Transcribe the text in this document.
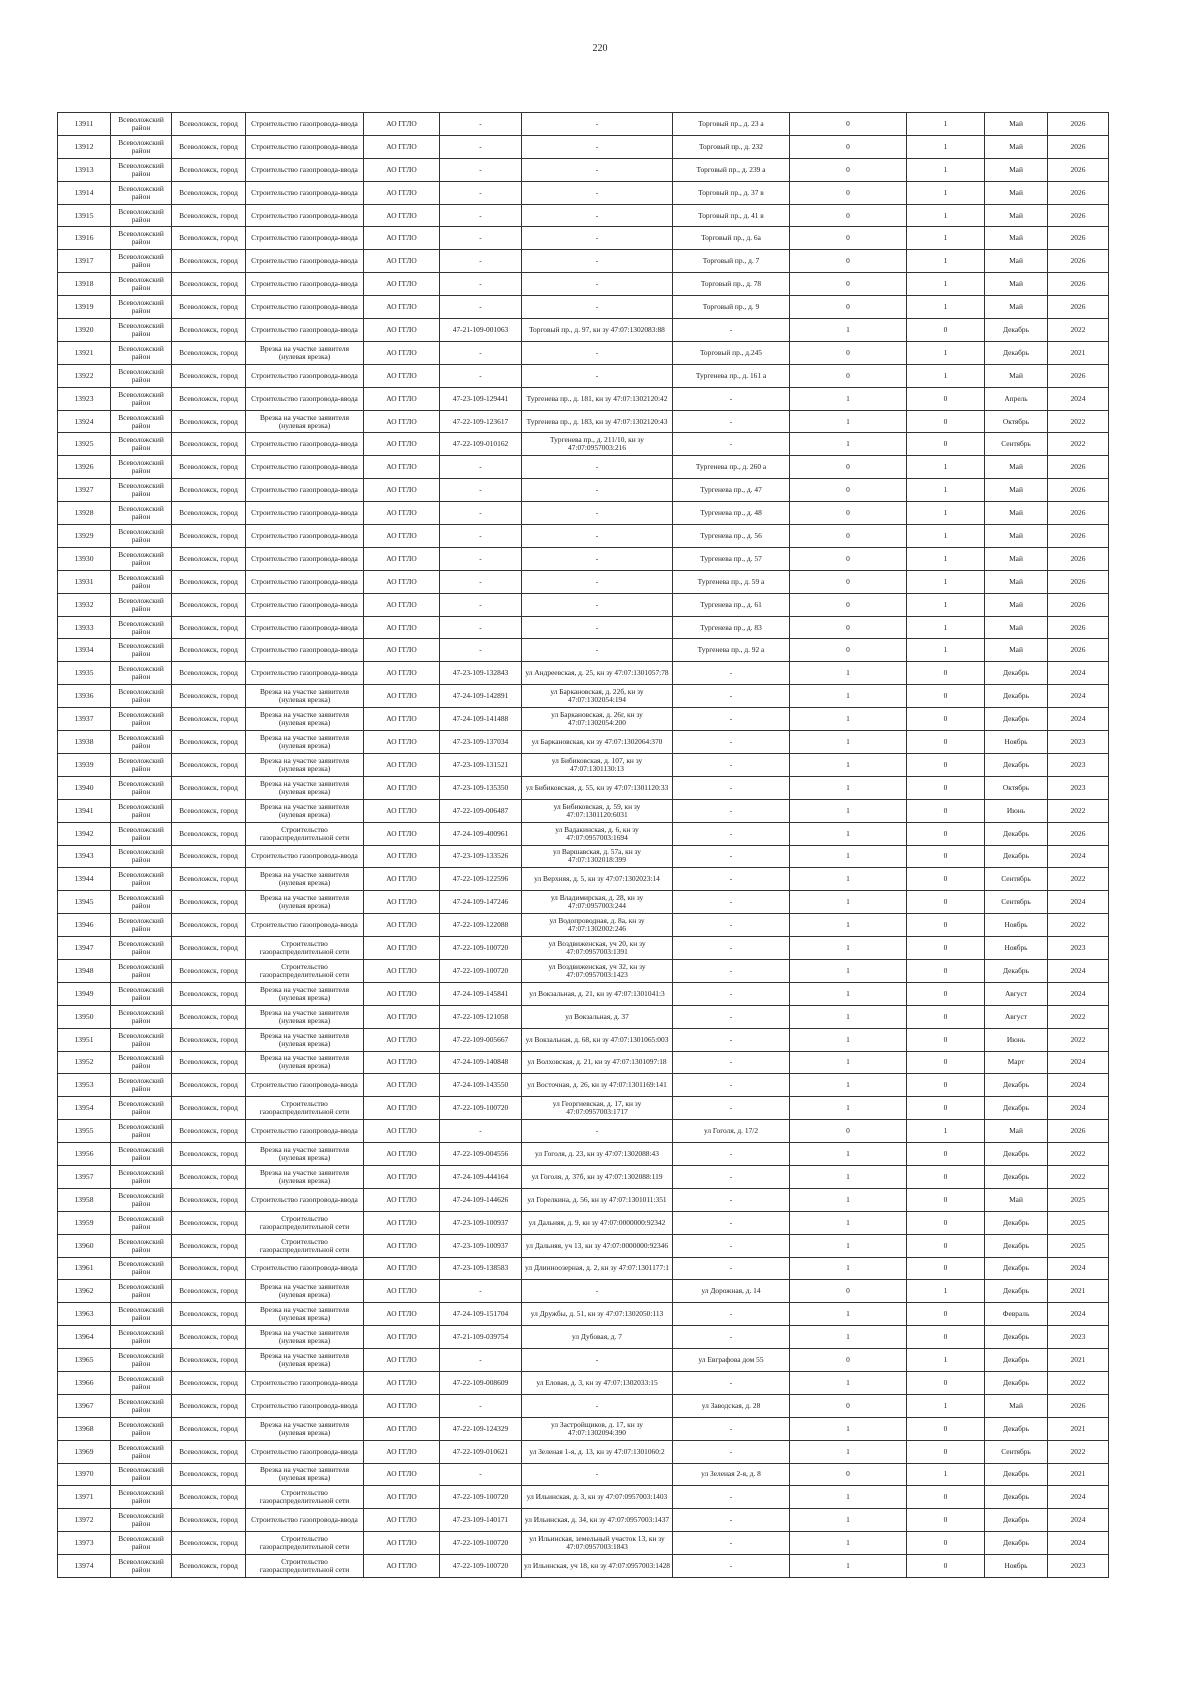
220
13911	Всеволожский район	Всеволожск, город	Строительство газопровода-ввода	АО ГГЛО	-	-	Торговый пр., д. 23 а	0	1	Май	2026
13912	Всеволожский район	Всеволожск, город	Строительство газопровода-ввода	АО ГГЛО	-	-	Торговый пр., д. 232	0	1	Май	2026
13913	Всеволожский район	Всеволожск, город	Строительство газопровода-ввода	АО ГГЛО	-	-	Торговый пр., д. 239 а	0	1	Май	2026
13914	Всеволожский район	Всеволожск, город	Строительство газопровода-ввода	АО ГГЛО	-	-	Торговый пр., д. 37 в	0	1	Май	2026
13915	Всеволожский район	Всеволожск, город	Строительство газопровода-ввода	АО ГГЛО	-	-	Торговый пр., д. 41 в	0	1	Май	2026
13916	Всеволожский район	Всеволожск, город	Строительство газопровода-ввода	АО ГГЛО	-	-	Торговый пр., д. 6а	0	1	Май	2026
13917	Всеволожский район	Всеволожск, город	Строительство газопровода-ввода	АО ГГЛО	-	-	Торговый пр., д. 7	0	1	Май	2026
13918	Всеволожский район	Всеволожск, город	Строительство газопровода-ввода	АО ГГЛО	-	-	Торговый пр., д. 78	0	1	Май	2026
13919	Всеволожский район	Всеволожск, город	Строительство газопровода-ввода	АО ГГЛО	-	-	Торговый пр., д. 9	0	1	Май	2026
13920	Всеволожский район	Всеволожск, город	Строительство газопровода-ввода	АО ГГЛО	47-21-109-001063	Торговый пр., д. 97, кн зу 47:07:1302083:88	-	1	0	Декабрь	2022
13921	Всеволожский район	Всеволожск, город	Врезка на участке заявителя (нулевая врезка)	АО ГГЛО	-	-	Торговый пр., д.245	0	1	Декабрь	2021
13922	Всеволожский район	Всеволожск, город	Строительство газопровода-ввода	АО ГГЛО	-	-	Тургенева пр., д. 161 а	0	1	Май	2026
13923	Всеволожский район	Всеволожск, город	Строительство газопровода-ввода	АО ГГЛО	47-23-109-129441	Тургенева пр., д. 181, кн зу 47:07:1302120:42	-	1	0	Апрель	2024
13924	Всеволожский район	Всеволожск, город	Врезка на участке заявителя (нулевая врезка)	АО ГГЛО	47-22-109-123617	Тургенева пр., д. 183, кн зу 47:07:1302120:43	-	1	0	Октябрь	2022
13925	Всеволожский район	Всеволожск, город	Строительство газопровода-ввода	АО ГГЛО	47-22-109-010162	Тургенева пр., д. 211/10, кн зу 47:07:0957003:216	-	1	0	Сентябрь	2022
13926	Всеволожский район	Всеволожск, город	Строительство газопровода-ввода	АО ГГЛО	-	-	Тургенева пр., д. 260 а	0	1	Май	2026
13927	Всеволожский район	Всеволожск, город	Строительство газопровода-ввода	АО ГГЛО	-	-	Тургенева пр., д. 47	0	1	Май	2026
13928	Всеволожский район	Всеволожск, город	Строительство газопровода-ввода	АО ГГЛО	-	-	Тургенева пр., д. 48	0	1	Май	2026
13929	Всеволожский район	Всеволожск, город	Строительство газопровода-ввода	АО ГГЛО	-	-	Тургенева пр., д. 56	0	1	Май	2026
13930	Всеволожский район	Всеволожск, город	Строительство газопровода-ввода	АО ГГЛО	-	-	Тургенева пр., д. 57	0	1	Май	2026
13931	Всеволожский район	Всеволожск, город	Строительство газопровода-ввода	АО ГГЛО	-	-	Тургенева пр., д. 59 а	0	1	Май	2026
13932	Всеволожский район	Всеволожск, город	Строительство газопровода-ввода	АО ГГЛО	-	-	Тургенева пр., д. 61	0	1	Май	2026
13933	Всеволожский район	Всеволожск, город	Строительство газопровода-ввода	АО ГГЛО	-	-	Тургенева пр., д. 83	0	1	Май	2026
13934	Всеволожский район	Всеволожск, город	Строительство газопровода-ввода	АО ГГЛО	-	-	Тургенева пр., д. 92 а	0	1	Май	2026
13935	Всеволожский район	Всеволожск, город	Строительство газопровода-ввода	АО ГГЛО	47-23-109-132843	ул Андреевская, д. 25, кн зу 47:07:1301057:78	-	1	0	Декабрь	2024
13936	Всеволожский район	Всеволожск, город	Врезка на участке заявителя (нулевая врезка)	АО ГГЛО	47-24-109-142891	ул Баркановская, д. 22б, кн зу 47:07:1302054:194	-	1	0	Декабрь	2024
13937	Всеволожский район	Всеволожск, город	Врезка на участке заявителя (нулевая врезка)	АО ГГЛО	47-24-109-141488	ул Баркановская, д. 26г, кн зу 47:07:1302054:200	-	1	0	Декабрь	2024
13938	Всеволожский район	Всеволожск, город	Врезка на участке заявителя (нулевая врезка)	АО ГГЛО	47-23-109-137034	ул Баркановская, кн зу 47:07:1302064:370	-	1	0	Ноябрь	2023
13939	Всеволожский район	Всеволожск, город	Врезка на участке заявителя (нулевая врезка)	АО ГГЛО	47-23-109-131521	ул Бибиковская, д. 107, кн зу 47:07:1301130:13	-	1	0	Декабрь	2023
13940	Всеволожский район	Всеволожск, город	Врезка на участке заявителя (нулевая врезка)	АО ГГЛО	47-23-109-135350	ул Бибиковская, д. 55, кн зу 47:07:1301120:33	-	1	0	Октябрь	2023
13941	Всеволожский район	Всеволожск, город	Врезка на участке заявителя (нулевая врезка)	АО ГГЛО	47-22-109-006487	ул Бибиковская, д. 59, кн зу 47:07:1301120:6031	-	1	0	Июнь	2022
13942	Всеволожский район	Всеволожск, город	Строительство газораспределительной сети	АО ГГЛО	47-24-109-400961	ул Вадакинская, д. 6, кн зу 47:07:0957003:1694	-	1	0	Декабрь	2026
13943	Всеволожский район	Всеволожск, город	Строительство газопровода-ввода	АО ГГЛО	47-23-109-133526	ул Варшавская, д. 57а, кн зу 47:07:1302018:399	-	1	0	Декабрь	2024
13944	Всеволожский район	Всеволожск, город	Врезка на участке заявителя (нулевая врезка)	АО ГГЛО	47-22-109-122596	ул Верхняя, д. 5, кн зу 47:07:1302023:14	-	1	0	Сентябрь	2022
13945	Всеволожский район	Всеволожск, город	Врезка на участке заявителя (нулевая врезка)	АО ГГЛО	47-24-109-147246	ул Владимирская, д. 28, кн зу 47:07:0957003:244	-	1	0	Сентябрь	2024
13946	Всеволожский район	Всеволожск, город	Строительство газопровода-ввода	АО ГГЛО	47-22-109-122088	ул Водопроводная, д. 8а, кн зу 47:07:1302002:246	-	1	0	Ноябрь	2022
13947	Всеволожский район	Всеволожск, город	Строительство газораспределительной сети	АО ГГЛО	47-22-109-100720	ул Воздвиженская, уч 20, кн зу 47:07:0957003:1391	-	1	0	Ноябрь	2023
13948	Всеволожский район	Всеволожск, город	Строительство газораспределительной сети	АО ГГЛО	47-22-109-100720	ул Воздвиженская, уч 32, кн зу 47:07:0957003:1423	-	1	0	Декабрь	2024
13949	Всеволожский район	Всеволожск, город	Врезка на участке заявителя (нулевая врезка)	АО ГГЛО	47-24-109-145841	ул Вокзальная, д. 21, кн зу 47:07:1301041:3	-	1	0	Август	2024
13950	Всеволожский район	Всеволожск, город	Врезка на участке заявителя (нулевая врезка)	АО ГГЛО	47-22-109-121058	ул Вокзальная, д. 37	-	1	0	Август	2022
13951	Всеволожский район	Всеволожск, город	Врезка на участке заявителя (нулевая врезка)	АО ГГЛО	47-22-109-005667	ул Вокзальная, д. 68, кн зу 47:07:1301065:003	-	1	0	Июнь	2022
13952	Всеволожский район	Всеволожск, город	Врезка на участке заявителя (нулевая врезка)	АО ГГЛО	47-24-109-140848	ул Волховская, д. 21, кн зу 47:07:1301097:18	-	1	0	Март	2024
13953	Всеволожский район	Всеволожск, город	Строительство газопровода-ввода	АО ГГЛО	47-24-109-143550	ул Восточная, д. 26, кн зу 47:07:1301169:141	-	1	0	Декабрь	2024
13954	Всеволожский район	Всеволожск, город	Строительство газораспределительной сети	АО ГГЛО	47-22-109-100720	ул Георгиевская, д. 17, кн зу 47:07:0957003:1717	-	1	0	Декабрь	2024
13955	Всеволожский район	Всеволожск, город	Строительство газопровода-ввода	АО ГГЛО	-	-	ул Гоголя, д. 17/2	0	1	Май	2026
13956	Всеволожский район	Всеволожск, город	Врезка на участке заявителя (нулевая врезка)	АО ГГЛО	47-22-109-004556	ул Гоголя, д. 23, кн зу 47:07:1302088:43	-	1	0	Декабрь	2022
13957	Всеволожский район	Всеволожск, город	Врезка на участке заявителя (нулевая врезка)	АО ГГЛО	47-24-109-444164	ул Гоголя, д. 37б, кн зу 47:07:1302088:119	-	1	0	Декабрь	2022
13958	Всеволожский район	Всеволожск, город	Строительство газопровода-ввода	АО ГГЛО	47-24-109-144626	ул Горелкина, д. 56, кн зу 47:07:1301011:351	-	1	0	Май	2025
13959	Всеволожский район	Всеволожск, город	Строительство газораспределительной сети	АО ГГЛО	47-23-109-100937	ул Дальняя, д. 9, кн зу 47:07:0000000:92342	-	1	0	Декабрь	2025
13960	Всеволожский район	Всеволожск, город	Строительство газораспределительной сети	АО ГГЛО	47-23-109-100937	ул Дальняя, уч 13, кн зу 47:07:0000000:92346	-	1	0	Декабрь	2025
13961	Всеволожский район	Всеволожск, город	Строительство газопровода-ввода	АО ГГЛО	47-23-109-138583	ул Длинноозерная, д. 2, кн зу 47:07:1301177:1	-	1	0	Декабрь	2024
13962	Всеволожский район	Всеволожск, город	Врезка на участке заявителя (нулевая врезка)	АО ГГЛО	-	-	ул Дорожная, д. 14	0	1	Декабрь	2021
13963	Всеволожский район	Всеволожск, город	Врезка на участке заявителя (нулевая врезка)	АО ГГЛО	47-24-109-151704	ул Дружбы, д. 51, кн зу 47:07:1302050:113	-	1	0	Февраль	2024
13964	Всеволожский район	Всеволожск, город	Врезка на участке заявителя (нулевая врезка)	АО ГГЛО	47-21-109-039754	ул Дубовая, д. 7	-	1	0	Декабрь	2023
13965	Всеволожский район	Всеволожск, город	Врезка на участке заявителя (нулевая врезка)	АО ГГЛО	-	-	ул Евграфова дом 55	0	1	Декабрь	2021
13966	Всеволожский район	Всеволожск, город	Строительство газопровода-ввода	АО ГГЛО	47-22-109-008609	ул Еловая, д. 3, кн зу 47:07:1302033:15	-	1	0	Декабрь	2022
13967	Всеволожский район	Всеволожск, город	Строительство газопровода-ввода	АО ГГЛО	-	-	ул Заводская, д. 28	0	1	Май	2026
13968	Всеволожский район	Всеволожск, город	Врезка на участке заявителя (нулевая врезка)	АО ГГЛО	47-22-109-124329	ул Застройщиков, д. 17, кн зу 47:07:1302094:390	-	1	0	Декабрь	2021
13969	Всеволожский район	Всеволожск, город	Строительство газопровода-ввода	АО ГГЛО	47-22-109-010621	ул Зеленая 1-я, д. 13, кн зу 47:07:1301060:2	-	1	0	Сентябрь	2022
13970	Всеволожский район	Всеволожск, город	Врезка на участке заявителя (нулевая врезка)	АО ГГЛО	-	-	ул Зеленая 2-я, д. 8	0	1	Декабрь	2021
13971	Всеволожский район	Всеволожск, город	Строительство газораспределительной сети	АО ГГЛО	47-22-109-100720	ул Ильинская, д. 3, кн зу 47:07:0957003:1403	-	1	0	Декабрь	2024
13972	Всеволожский район	Всеволожск, город	Строительство газопровода-ввода	АО ГГЛО	47-23-109-140171	ул Ильинская, д. 34, кн зу 47:07:0957003:1437	-	1	0	Декабрь	2024
13973	Всеволожский район	Всеволожск, город	Строительство газораспределительной сети	АО ГГЛО	47-22-109-100720	ул Ильинская, земельный участок 13, кн зу 47:07:0957003:1843	-	1	0	Декабрь	2024
13974	Всеволожский район	Всеволожск, город	Строительство газораспределительной сети	АО ГГЛО	47-22-109-100720	ул Ильинская, уч 18, кн зу 47:07:0957003:1428	-	1	0	Ноябрь	2023
